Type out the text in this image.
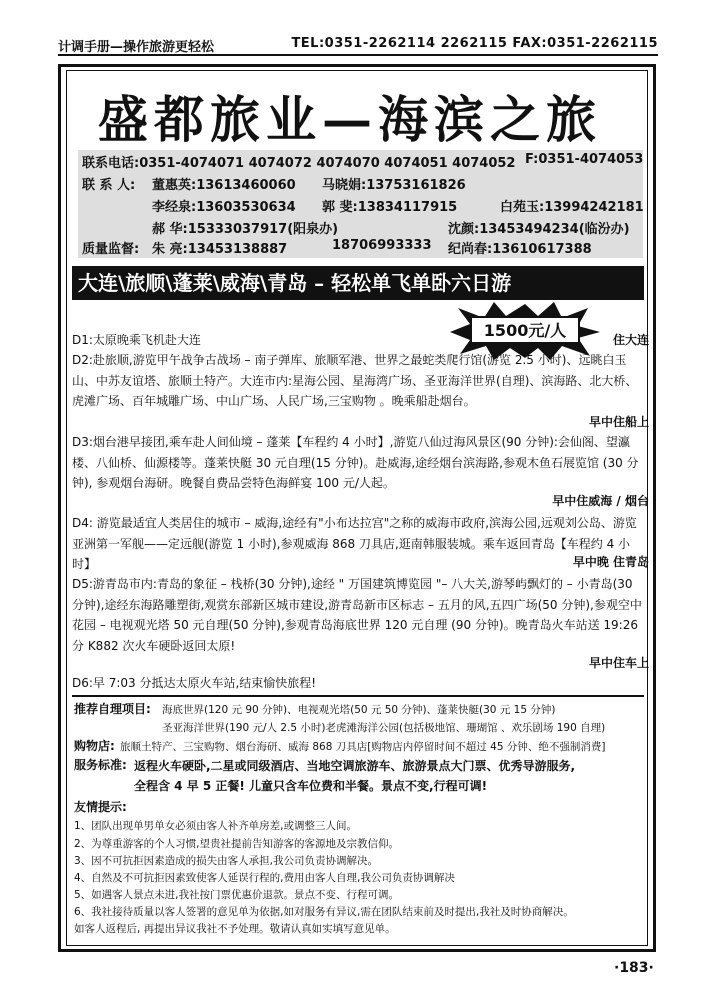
计调手册—操作旅游更轻松	TEL:0351-2262114 2262115 FAX:0351-2262115
盛都旅业—海滨之旅
联系电话:0351-4074071 4074072 4074070 4074051 4074052 F:0351-4074053
联 系 人: 董惠英:13613460060 马晓娟:13753161826
李经泉:13603530634 郭 斐:13834117915	白苑玉:13994242181
郝 华:15333037917(阳泉办)	沈颜:13453494234(临汾办)
质量监督: 朱 亮:13453138887	18706993333 纪尚春:13610617388
大连\旅顺\蓬莱\威海\青岛 – 轻松单飞单卧六日游
1500元/人
D1:太原晚乘飞机赴大连	住大连
D2:赴旅顺,游览甲午战争古战场 – 南子弹库、旅顺军港、世界之最蛇类爬行馆(游览 2.5 小时)、远眺白玉山、中苏友谊塔、旅顺土特产。大连市内:星海公园、星海湾广场、圣亚海洋世界(自理)、滨海路、北大桥、虎滩广场、百年城雕广场、中山广场、人民广场,三宝购物 。晚乘船赴烟台。
早中住船上
D3:烟台港早接团,乘车赴人间仙境 – 蓬莱【车程约 4 小时】,游览八仙过海风景区(90 分钟):会仙阁、望瀛楼、八仙桥、仙源楼等。蓬莱快艇 30 元自理(15 分钟)。赴威海,途经烟台滨海路,参观木鱼石展览馆 (30 分钟), 参观烟台海研。晚餐自费品尝特色海鲜宴 100 元/人起。
早中住威海 / 烟台
D4: 游览最适宜人类居住的城市 – 威海,途经有"小布达拉宫"之称的威海市政府,滨海公园,远观刘公岛、游览亚洲第一军舰——定远舰(游览 1 小时),参观威海 868 刀具店,逛南韩服装城。乘车返回青岛【车程约 4 小时】	早中晚 住青岛
D5:游青岛市内:青岛的象征 – 栈桥(30 分钟),途经 " 万国建筑博览园 "– 八大关,游琴屿飘灯的 – 小青岛(30 分钟),途经东海路雕塑街,观赏东部新区城市建设,游青岛新市区标志 – 五月的风,五四广场(50 分钟),参观空中花园 – 电视观光塔 50 元自理(50 分钟),参观青岛海底世界 120 元自理 (90 分钟)。晚青岛火车站送 19:26 分 K882 次火车硬卧返回太原!
早中住车上
D6:早 7:03 分抵达太原火车站,结束愉快旅程!
推荐自理项目: 海底世界(120 元 90 分钟)、电视观光塔(50 元 50 分钟)、蓬莱快艇(30 元 15 分钟)
圣亚海洋世界(190 元/人 2.5 小时)老虎滩海洋公园(包括极地馆、珊瑚馆 、欢乐剧场 190 自理)
购物店: 旅顺土特产、三宝购物、烟台海研、威海 868 刀具店[购物店内停留时间不超过 45 分钟、绝不强制消费]
服务标准: 返程火车硬卧,二星或同级酒店、当地空调旅游车、旅游景点大门票、优秀导游服务,
全程含 4 早 5 正餐! 儿童只含车位费和半餐。景点不变,行程可调!
友情提示:
1、团队出现单男单女必须由客人补齐单房差,或调整三人间。
2、为尊重游客的个人习惯,望贵社提前告知游客的客源地及宗教信仰。
3、因不可抗拒因素造成的损失由客人承担,我公司负责协调解决。
4、自然及不可抗拒因素致使客人延误行程的,费用由客人自理,我公司负责协调解决
5、如遇客人景点未进,我社按门票优惠价退款。景点不变、行程可调。
6、我社接待质量以客人签署的意见单为依据,如对服务有异议,需在团队结束前及时提出,我社及时协商解决。
如客人返程后, 再提出异议我社不予处理。敬请认真如实填写意见单。
·183·
